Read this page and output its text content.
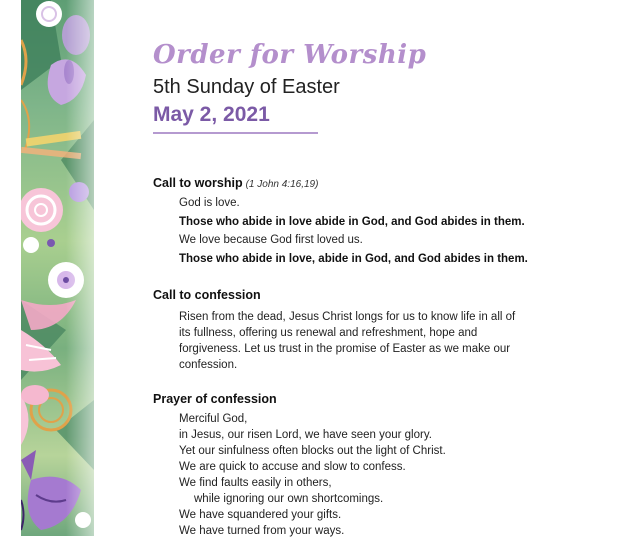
Order for Worship
5th Sunday of Easter
May 2, 2021
Call to worship (1 John 4:16,19)
God is love.
Those who abide in love abide in God, and God abides in them.
We love because God first loved us.
Those who abide in love, abide in God, and God abides in them.
Call to confession
Risen from the dead, Jesus Christ longs for us to know life in all of its fullness, offering us renewal and refreshment, hope and forgiveness. Let us trust in the promise of Easter as we make our confession.
Prayer of confession
Merciful God,
in Jesus, our risen Lord, we have seen your glory.
Yet our sinfulness often blocks out the light of Christ.
We are quick to accuse and slow to confess.
We find faults easily in others,
while ignoring our own shortcomings.
We have squandered your gifts.
We have turned from your ways.
